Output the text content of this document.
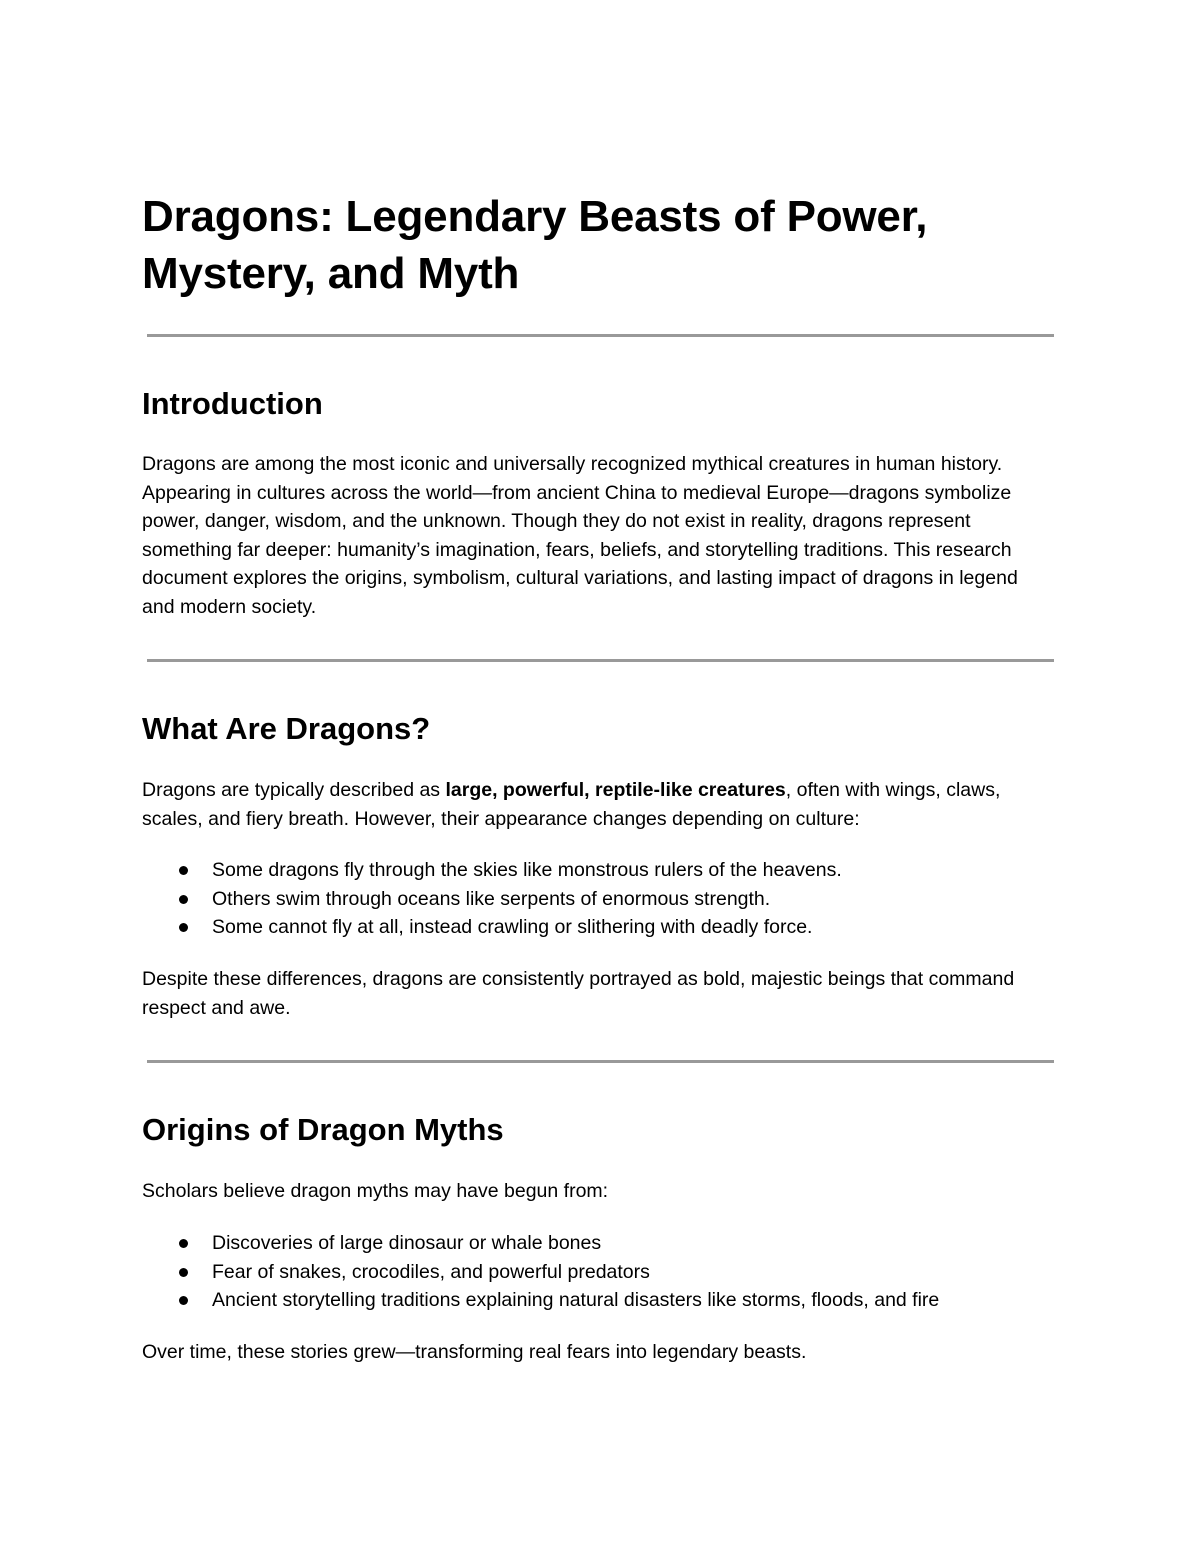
Dragons: Legendary Beasts of Power, Mystery, and Myth
Introduction

Dragons are among the most iconic and universally recognized mythical creatures in human history. Appearing in cultures across the world—from ancient China to medieval Europe—dragons symbolize power, danger, wisdom, and the unknown. Though they do not exist in reality, dragons represent something far deeper: humanity’s imagination, fears, beliefs, and storytelling traditions. This research document explores the origins, symbolism, cultural variations, and lasting impact of dragons in legend and modern society.

What Are Dragons?

Dragons are typically described as large, powerful, reptile-like creatures, often with wings, claws, scales, and fiery breath. However, their appearance changes depending on culture:

Some dragons fly through the skies like monstrous rulers of the heavens.
Others swim through oceans like serpents of enormous strength.
Some cannot fly at all, instead crawling or slithering with deadly force.

Despite these differences, dragons are consistently portrayed as bold, majestic beings that command respect and awe.

Origins of Dragon Myths

Scholars believe dragon myths may have begun from:

Discoveries of large dinosaur or whale bones
Fear of snakes, crocodiles, and powerful predators
Ancient storytelling traditions explaining natural disasters like storms, floods, and fire

Over time, these stories grew—transforming real fears into legendary beasts.
